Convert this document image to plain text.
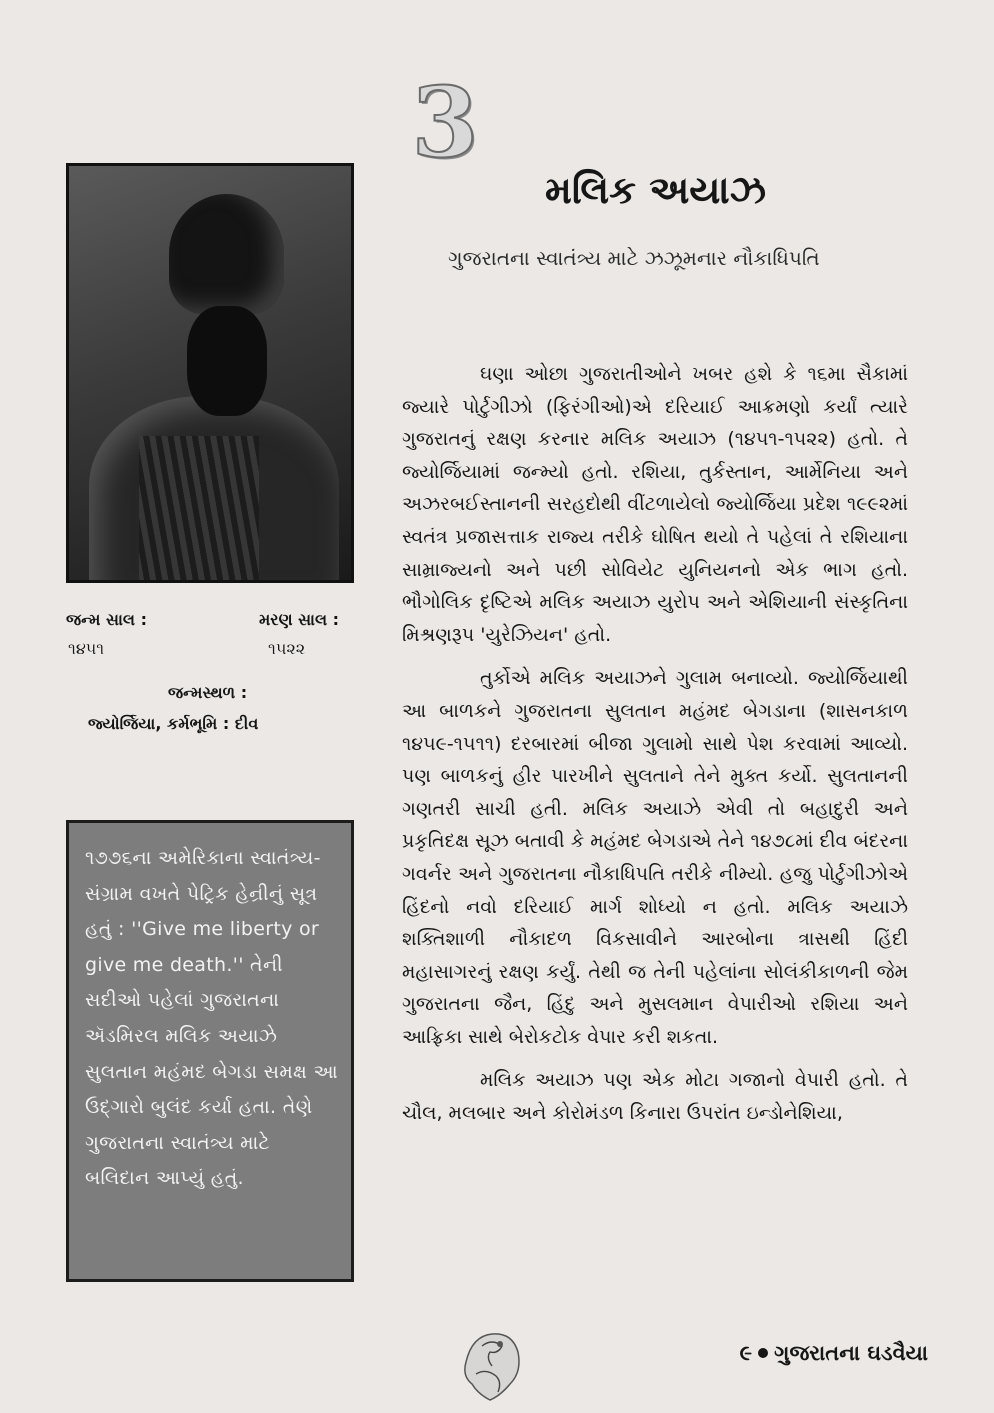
3
મલિક અયાઝ
ગુજરાતના સ્વાતંત્ર્ય માટે ઝઝૂમનાર નૌકાધિપતિ
જન્મ સાલ :
૧૪૫૧
મરણ સાલ :
૧૫૨૨
જન્મસ્થળ :
જ્યોર્જિયા, કર્મભૂમિ : દીવ
૧૭૭૬ના અમેરિકાના સ્વાતંત્ર્ય-સંગ્રામ વખતે પેટ્રિક હેન્રીનું સૂત્ર હતું : ''Give me liberty or give me death.'' તેની સદીઓ પહેલાં ગુજરાતના ઍડમિરલ મલિક અયાઝે સુલતાન મહંમદ બેગડા સમક્ષ આ ઉદ્ગારો બુલંદ કર્યા હતા. તેણે ગુજરાતના સ્વાતંત્ર્ય માટે બલિદાન આપ્યું હતું.

ઘણા ઓછા ગુજરાતીઓને ખબર હશે કે ૧૬મા સૈકામાં જ્યારે પોર્ટુગીઝો (ફિરંગીઓ)એ દરિયાઈ આક્રમણો કર્યાં ત્યારે ગુજરાતનું રક્ષણ કરનાર મલિક અયાઝ (૧૪૫૧-૧૫૨૨) હતો. તે જ્યોર્જિયામાં જન્મ્યો હતો. રશિયા, તુર્કસ્તાન, આર્મેનિયા અને અઝરબઈસ્તાનની સરહદોથી વીંટળાયેલો જ્યોર્જિયા પ્રદેશ ૧૯૯૨માં સ્વતંત્ર પ્રજાસત્તાક રાજ્ય તરીકે ઘોષિત થયો તે પહેલાં તે રશિયાના સામ્રાજ્યનો અને પછી સોવિયેટ યુનિયનનો એક ભાગ હતો. ભૌગોલિક દૃષ્ટિએ મલિક અયાઝ યુરોપ અને એશિયાની સંસ્કૃતિના મિશ્રણરૂપ 'યુરેઝિયન' હતો.

તુર્કોએ મલિક અયાઝને ગુલામ બનાવ્યો. જ્યોર્જિયાથી આ બાળકને ગુજરાતના સુલતાન મહંમદ બેગડાના (શાસનકાળ ૧૪૫૯-૧૫૧૧) દરબારમાં બીજા ગુલામો સાથે પેશ કરવામાં આવ્યો. પણ બાળકનું હીર પારખીને સુલતાને તેને મુક્ત કર્યો. સુલતાનની ગણતરી સાચી હતી. મલિક અયાઝે એવી તો બહાદુરી અને પ્રકૃતિદક્ષ સૂઝ બતાવી કે મહંમદ બેગડાએ તેને ૧૪૭૮માં દીવ બંદરના ગવર્નર અને ગુજરાતના નૌકાધિપતિ તરીકે નીમ્યો. હજુ પોર્ટુગીઝોએ હિંદનો નવો દરિયાઈ માર્ગ શોધ્યો ન હતો. મલિક અયાઝે શક્તિશાળી નૌકાદળ વિકસાવીને આરબોના ત્રાસથી હિંદી મહાસાગરનું રક્ષણ કર્યું. તેથી જ તેની પહેલાંના સોલંકીકાળની જેમ ગુજરાતના જૈન, હિંદુ અને મુસલમાન વેપારીઓ રશિયા અને આફ્રિકા સાથે બેરોકટોક વેપાર કરી શકતા.

મલિક અયાઝ પણ એક મોટા ગજાનો વેપારી હતો. તે ચૌલ, મલબાર અને કોરોમંડળ કિનારા ઉપરાંત ઇન્ડોનેશિયા,

૯ ગુજરાતના ઘડવૈયા
